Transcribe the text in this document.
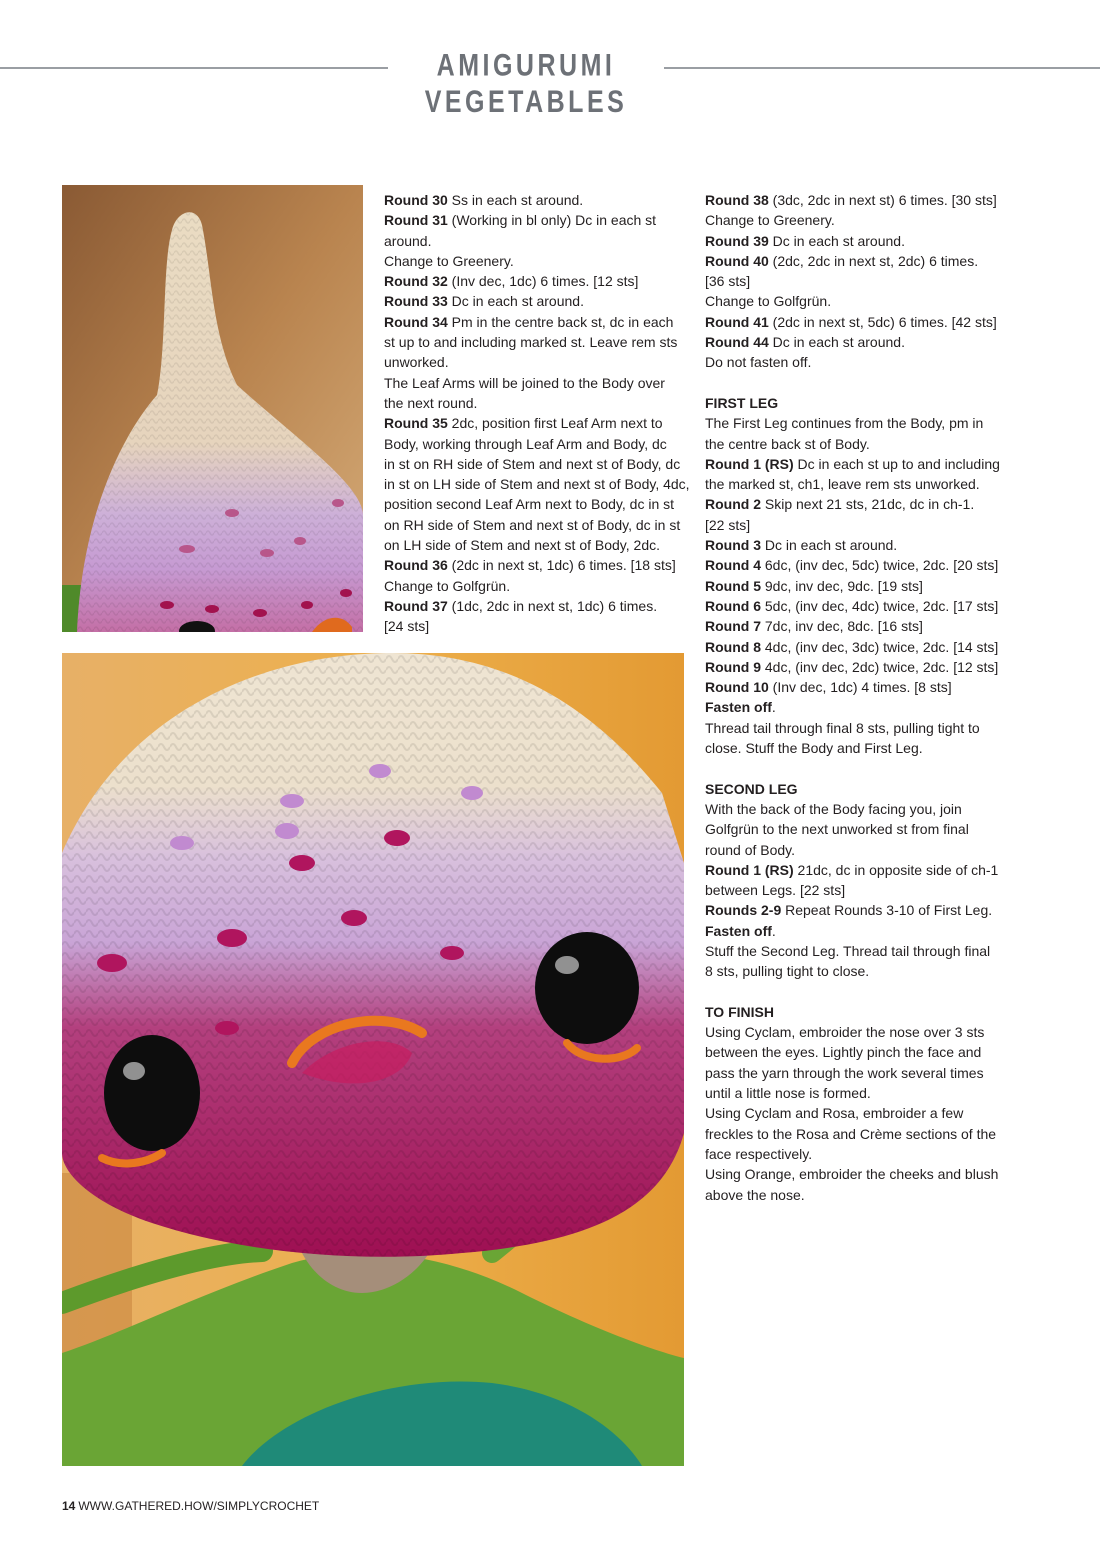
AMIGURUMI VEGETABLES
Round 30 Ss in each st around.
Round 31 (Working in bl only) Dc in each st
around.
Change to Greenery.
Round 32 (Inv dec, 1dc) 6 times. [12 sts]
Round 33 Dc in each st around.
Round 34 Pm in the centre back st, dc in each
st up to and including marked st. Leave rem sts
unworked.
The Leaf Arms will be joined to the Body over
the next round.
Round 35 2dc, position first Leaf Arm next to
Body, working through Leaf Arm and Body, dc
in st on RH side of Stem and next st of Body, dc
in st on LH side of Stem and next st of Body, 4dc,
position second Leaf Arm next to Body, dc in st
on RH side of Stem and next st of Body, dc in st
on LH side of Stem and next st of Body, 2dc.
Round 36 (2dc in next st, 1dc) 6 times. [18 sts]
Change to Golfgrün.
Round 37 (1dc, 2dc in next st, 1dc) 6 times.
[24 sts]
Round 38 (3dc, 2dc in next st) 6 times. [30 sts]
Change to Greenery.
Round 39 Dc in each st around.
Round 40 (2dc, 2dc in next st, 2dc) 6 times.
[36 sts]
Change to Golfgrün.
Round 41 (2dc in next st, 5dc) 6 times. [42 sts]
Round 44 Dc in each st around.
Do not fasten off.
FIRST LEG
The First Leg continues from the Body, pm in
the centre back st of Body.
Round 1 (RS) Dc in each st up to and including
the marked st, ch1, leave rem sts unworked.
Round 2 Skip next 21 sts, 21dc, dc in ch-1.
[22 sts]
Round 3 Dc in each st around.
Round 4 6dc, (inv dec, 5dc) twice, 2dc. [20 sts]
Round 5 9dc, inv dec, 9dc. [19 sts]
Round 6 5dc, (inv dec, 4dc) twice, 2dc. [17 sts]
Round 7 7dc, inv dec, 8dc. [16 sts]
Round 8 4dc, (inv dec, 3dc) twice, 2dc. [14 sts]
Round 9 4dc, (inv dec, 2dc) twice, 2dc. [12 sts]
Round 10 (Inv dec, 1dc) 4 times. [8 sts]
Fasten off.
Thread tail through final 8 sts, pulling tight to
close. Stuff the Body and First Leg.
SECOND LEG
With the back of the Body facing you, join
Golfgrün to the next unworked st from final
round of Body.
Round 1 (RS) 21dc, dc in opposite side of ch-1
between Legs. [22 sts]
Rounds 2-9 Repeat Rounds 3-10 of First Leg.
Fasten off.
Stuff the Second Leg. Thread tail through final
8 sts, pulling tight to close.
TO FINISH
Using Cyclam, embroider the nose over 3 sts
between the eyes. Lightly pinch the face and
pass the yarn through the work several times
until a little nose is formed.
Using Cyclam and Rosa, embroider a few
freckles to the Rosa and Crème sections of the
face respectively.
Using Orange, embroider the cheeks and blush
above the nose.
14 WWW.GATHERED.HOW/SIMPLYCROCHET
